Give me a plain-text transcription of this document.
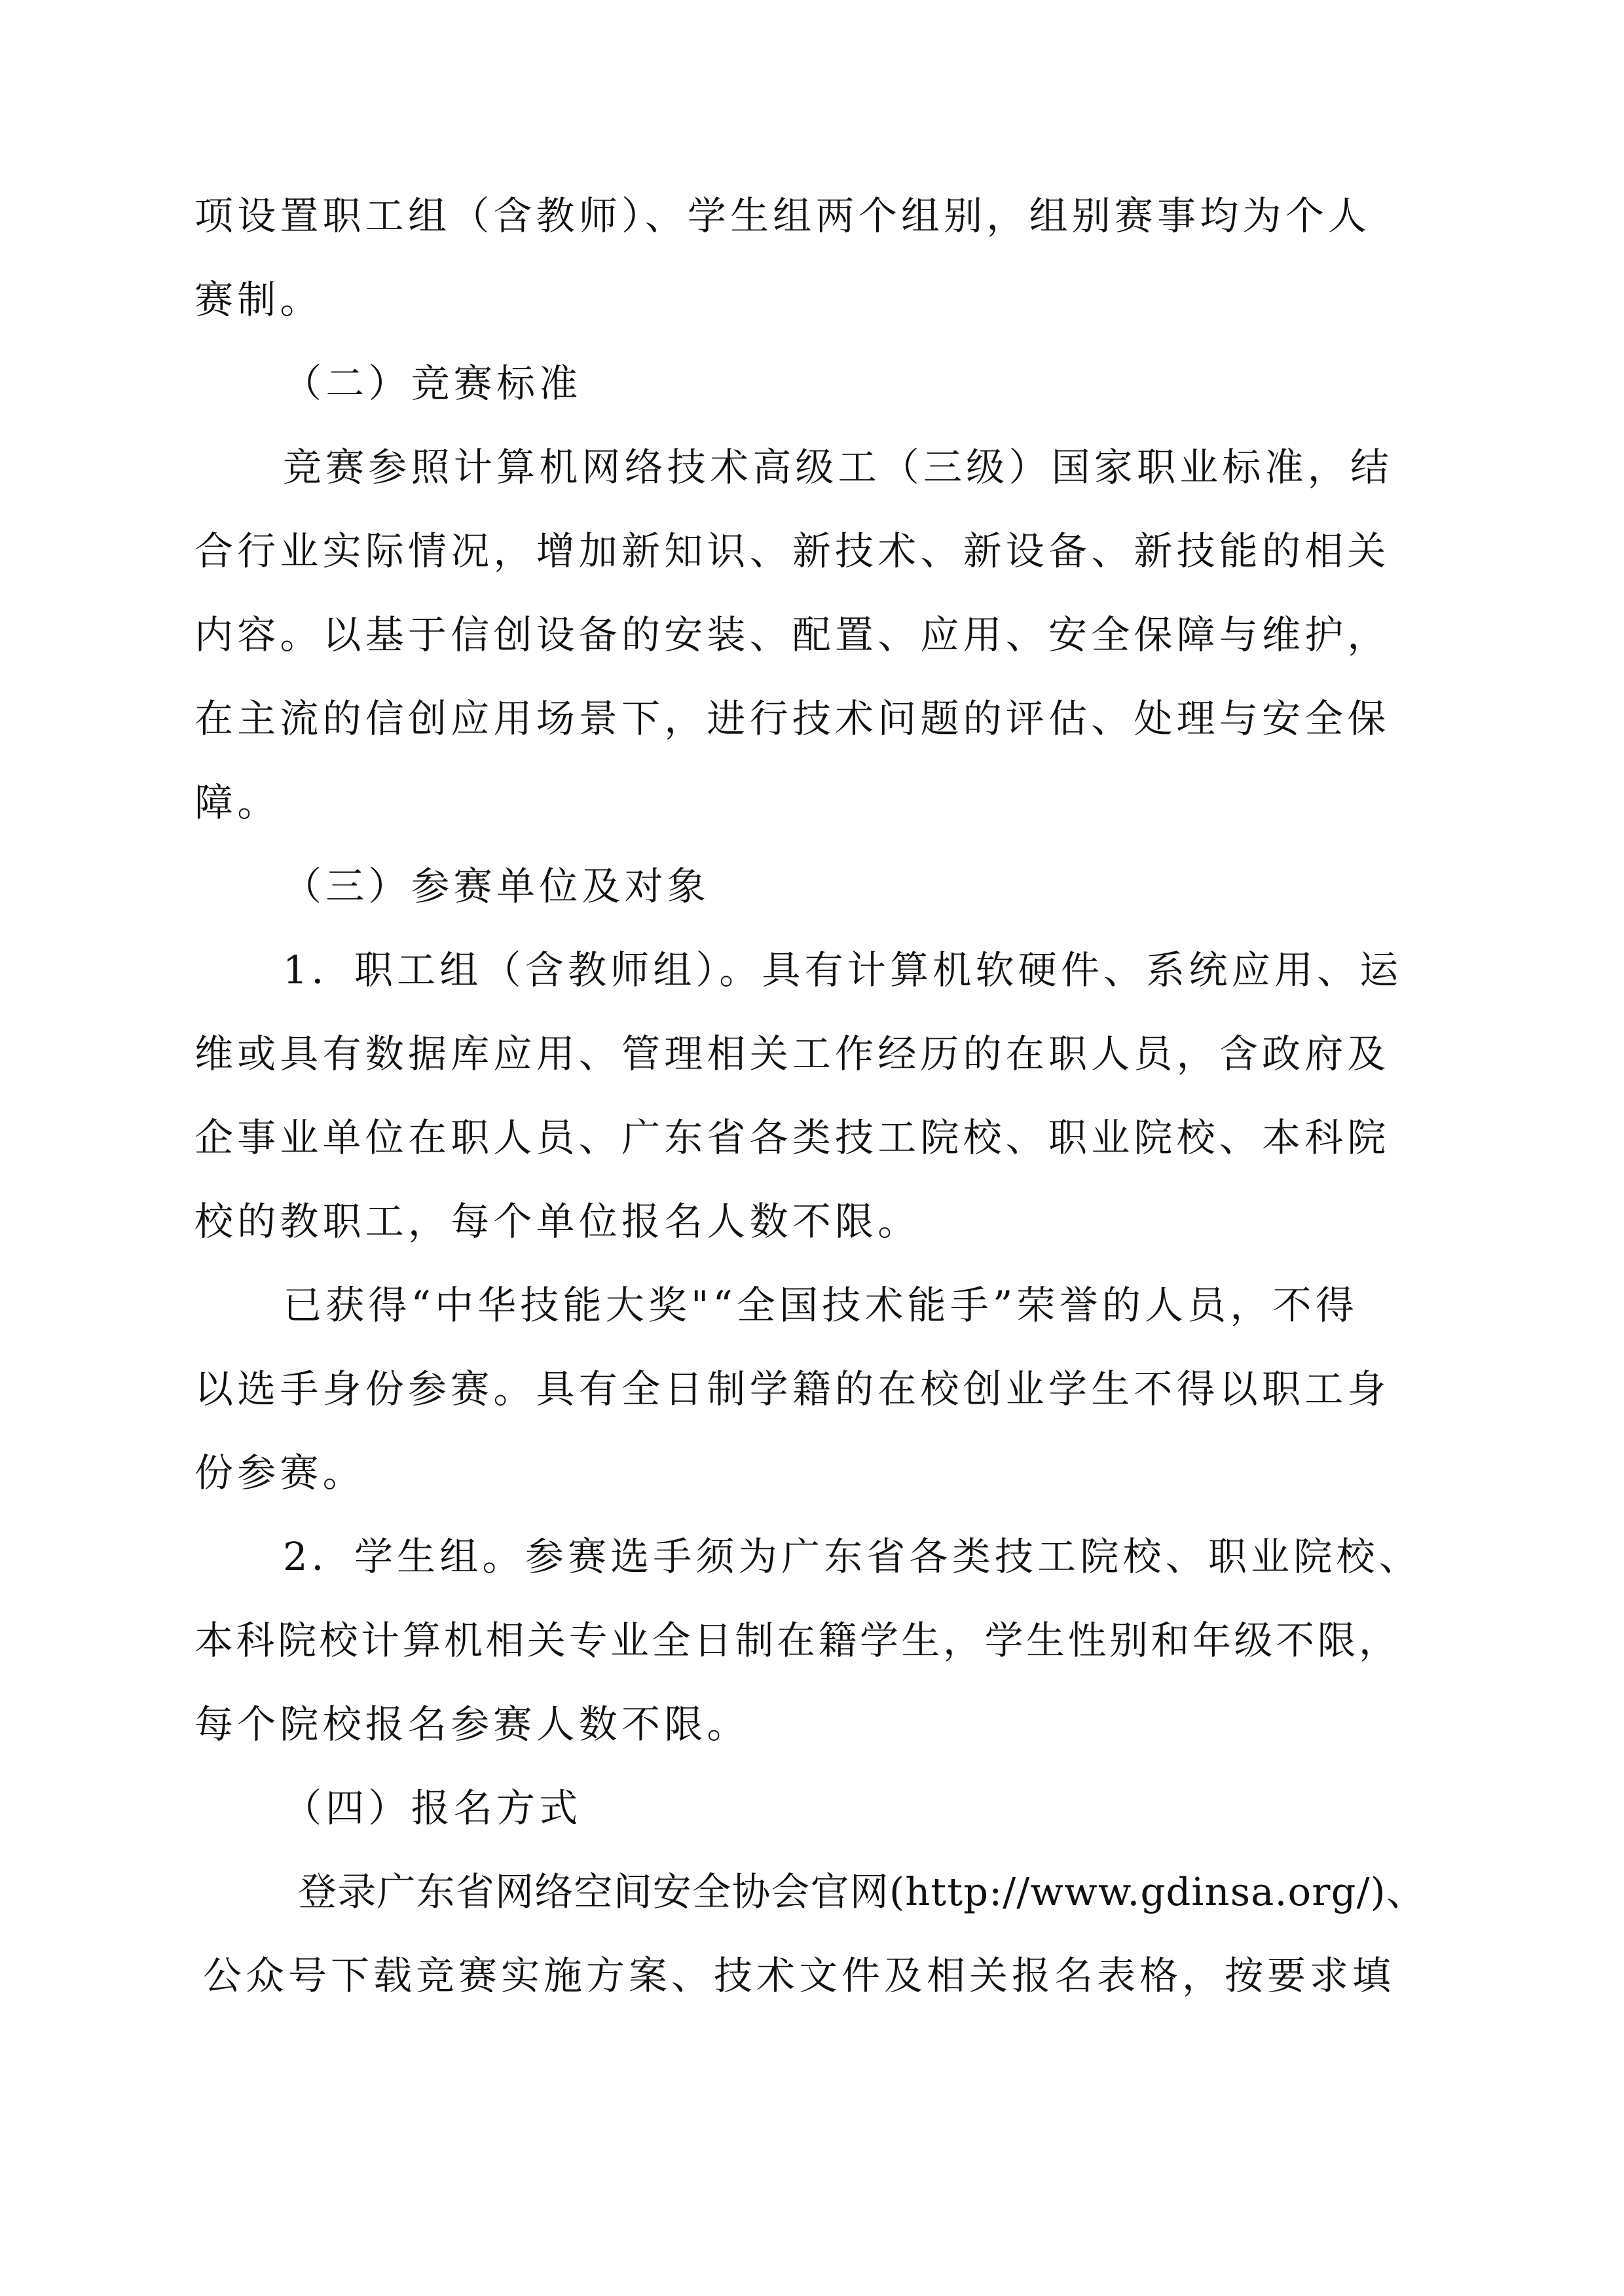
项设置职工组（含教师）、学生组两个组别，组别赛事均为个人
赛制。
（二）竞赛标准
竞赛参照计算机网络技术高级工（三级）国家职业标准，结
合行业实际情况，增加新知识、新技术、新设备、新技能的相关
内容。以基于信创设备的安装、配置、应用、安全保障与维护，
在主流的信创应用场景下，进行技术问题的评估、处理与安全保
障。
（三）参赛单位及对象
1．职工组（含教师组）。具有计算机软硬件、系统应用、运
维或具有数据库应用、管理相关工作经历的在职人员，含政府及
企事业单位在职人员、广东省各类技工院校、职业院校、本科院
校的教职工，每个单位报名人数不限。
已获得“中华技能大奖"“全国技术能手”荣誉的人员，不得
以选手身份参赛。具有全日制学籍的在校创业学生不得以职工身
份参赛。
2．学生组。参赛选手须为广东省各类技工院校、职业院校、
本科院校计算机相关专业全日制在籍学生，学生性别和年级不限，
每个院校报名参赛人数不限。
（四）报名方式
登录广东省网络空间安全协会官网(http://www.gdinsa.org/)、
公众号下载竞赛实施方案、技术文件及相关报名表格，按要求填
